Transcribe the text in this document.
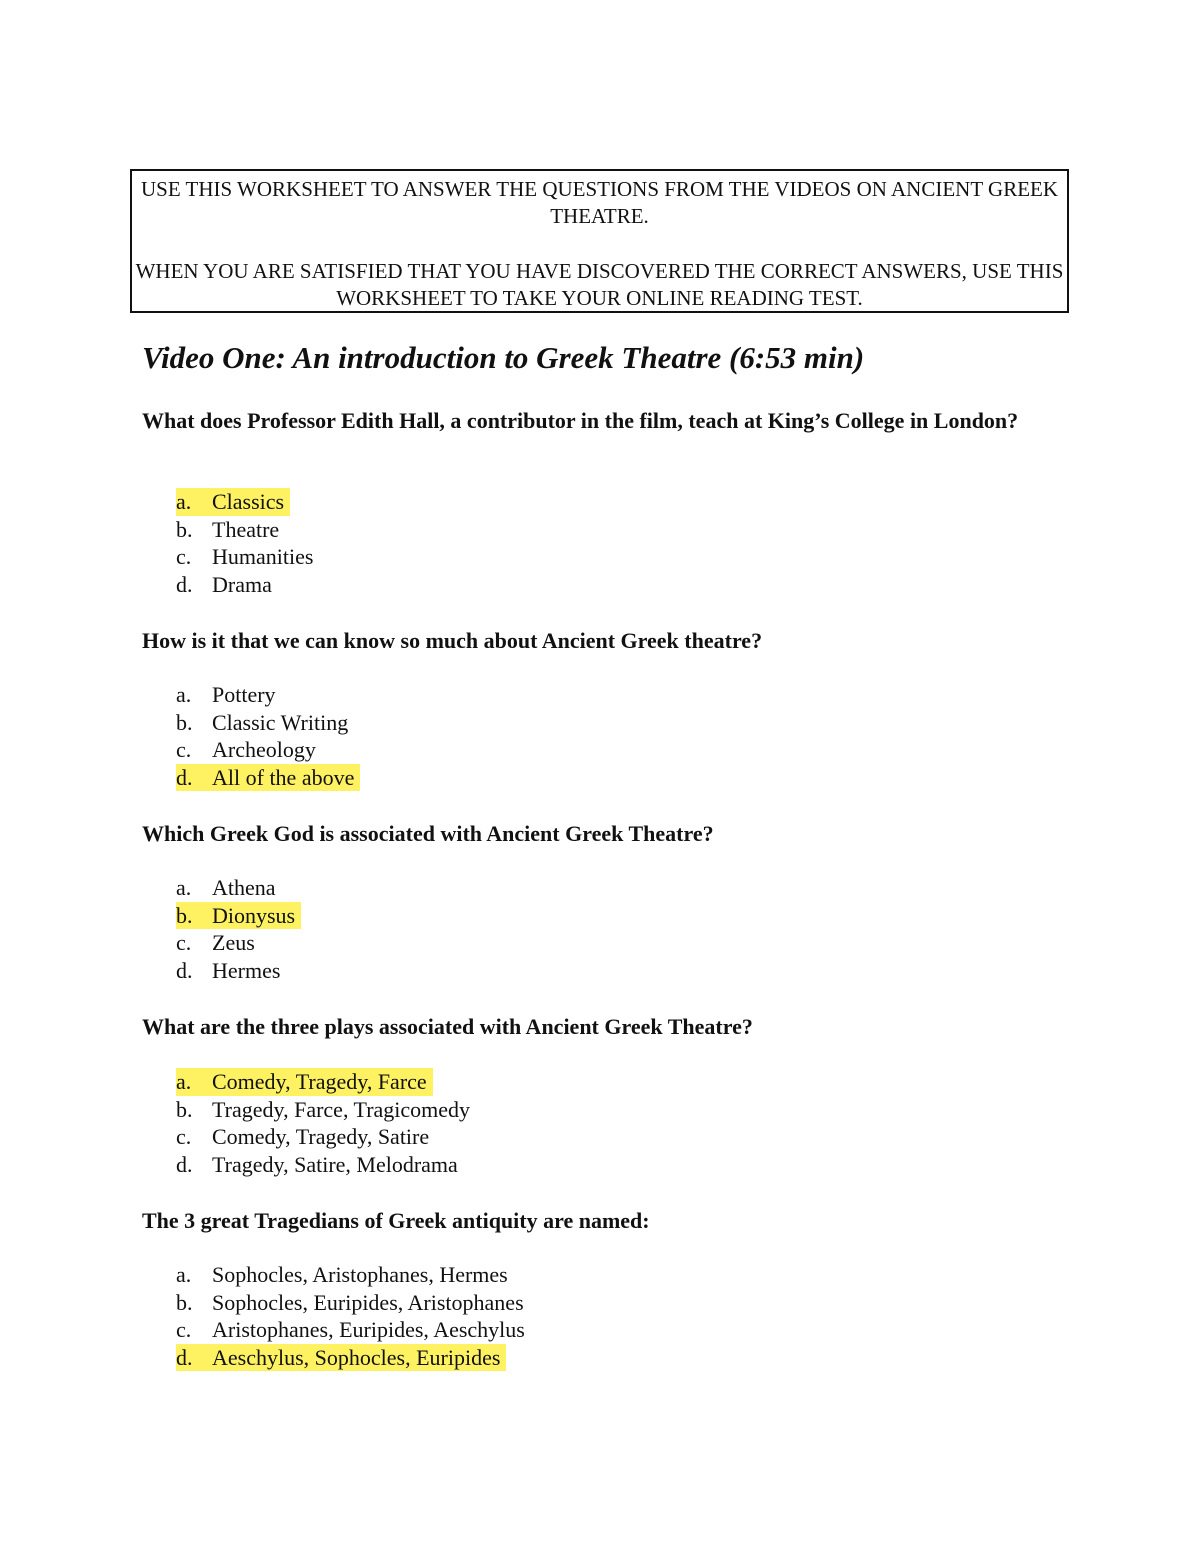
USE THIS WORKSHEET TO ANSWER THE QUESTIONS FROM THE VIDEOS ON ANCIENT GREEK THEATRE.

WHEN YOU ARE SATISFIED THAT YOU HAVE DISCOVERED THE CORRECT ANSWERS, USE THIS WORKSHEET TO TAKE YOUR ONLINE READING TEST.

Video One: An introduction to Greek Theatre (6:53 min)

What does Professor Edith Hall, a contributor in the film, teach at King’s College in London?

a. Classics
b. Theatre
c. Humanities
d. Drama

How is it that we can know so much about Ancient Greek theatre?

a. Pottery
b. Classic Writing
c. Archeology
d. All of the above

Which Greek God is associated with Ancient Greek Theatre?

a. Athena
b. Dionysus
c. Zeus
d. Hermes

What are the three plays associated with Ancient Greek Theatre?

a. Comedy, Tragedy, Farce
b. Tragedy, Farce, Tragicomedy
c. Comedy, Tragedy, Satire
d. Tragedy, Satire, Melodrama

The 3 great Tragedians of Greek antiquity are named:

a. Sophocles, Aristophanes, Hermes
b. Sophocles, Euripides, Aristophanes
c. Aristophanes, Euripides, Aeschylus
d. Aeschylus, Sophocles, Euripides
